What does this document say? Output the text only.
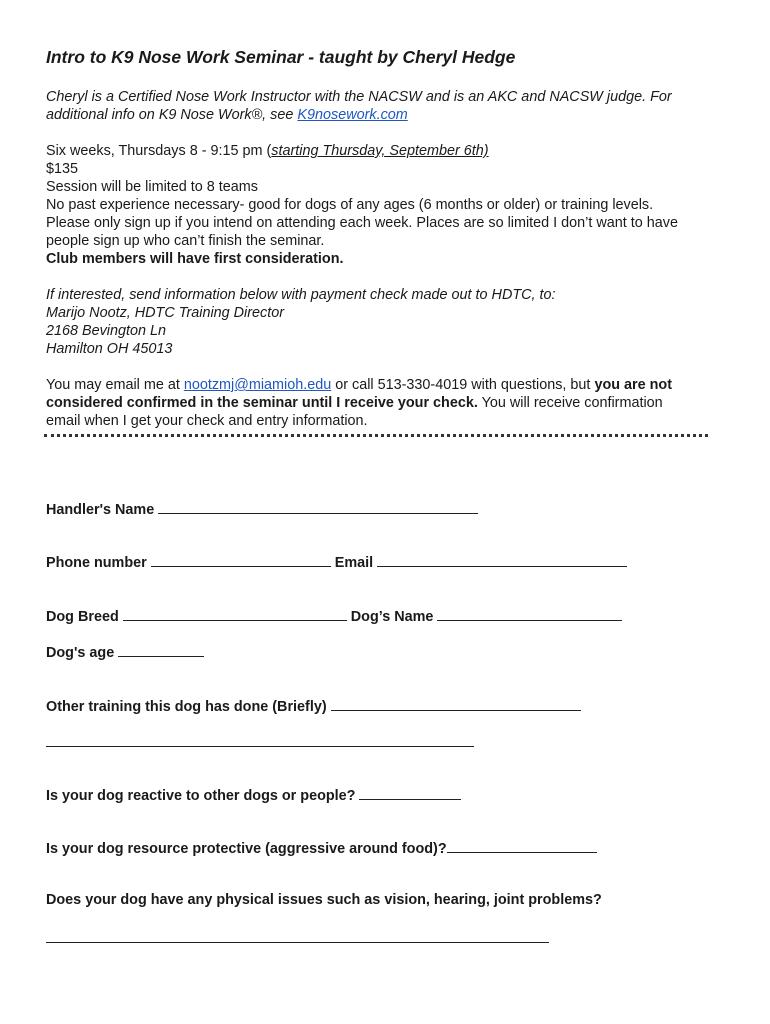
Intro to K9 Nose Work Seminar - taught by Cheryl Hedge
Cheryl is a Certified Nose Work Instructor with the NACSW and is an AKC and NACSW judge. For
additional info on K9 Nose Work®, see K9nosework.com
Six weeks, Thursdays 8 - 9:15 pm (starting Thursday, September 6th)
$135
Session will be limited to 8 teams
No past experience necessary- good for dogs of any ages (6 months or older) or training levels.
Please only sign up if you intend on attending each week. Places are so limited I don’t want to have
people sign up who can’t finish the seminar.
Club members will have first consideration.
If interested, send information below with payment check made out to HDTC, to:
Marijo Nootz, HDTC Training Director
2168 Bevington Ln
Hamilton OH 45013
You may email me at nootzmj@miamioh.edu or call 513-330-4019 with questions, but you are not
considered confirmed in the seminar until I receive your check. You will receive confirmation
email when I get your check and entry information.
Handler's Name
Phone number	Email
Dog Breed	Dog’s Name
Dog's age
Other training this dog has done (Briefly)
Is your dog reactive to other dogs or people?
Is your dog resource protective (aggressive around food)?
Does your dog have any physical issues such as vision, hearing, joint problems?
